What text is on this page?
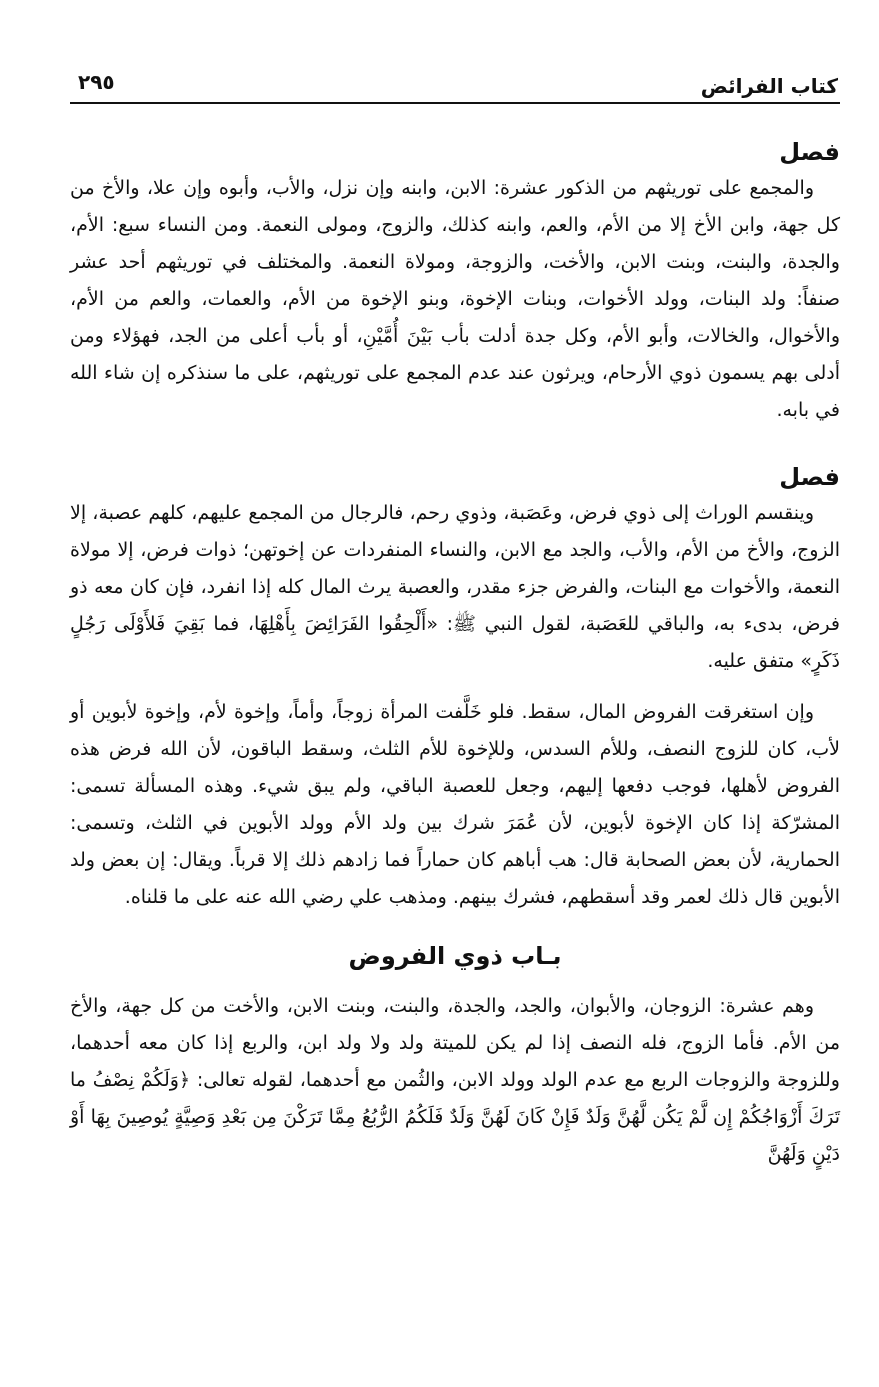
كتاب الفرائض
٢٩٥
فصل

والمجمع على توريثهم من الذكور عشرة: الابن، وابنه وإن نزل، والأب، وأبوه وإن علا، والأخ من كل جهة، وابن الأخ إلا من الأم، والعم، وابنه كذلك، والزوج، ومولى النعمة. ومن النساء سبع: الأم، والجدة، والبنت، وبنت الابن، والأخت، والزوجة، ومولاة النعمة. والمختلف في توريثهم أحد عشر صنفاً: ولد البنات، وولد الأخوات، وبنات الإخوة، وبنو الإخوة من الأم، والعمات، والعم من الأم، والأخوال، والخالات، وأبو الأم، وكل جدة أدلت بأب بَيْنَ أُمَّيْنِ، أو بأب أعلى من الجد، فهؤلاء ومن أدلى بهم يسمون ذوي الأرحام، ويرثون عند عدم المجمع على توريثهم، على ما سنذكره إن شاء الله في بابه.

فصل

وينقسم الوراث إلى ذوي فرض، وعَصَبة، وذوي رحم، فالرجال من المجمع عليهم، كلهم عصبة، إلا الزوج، والأخ من الأم، والأب، والجد مع الابن، والنساء المنفردات عن إخوتهن؛ ذوات فرض، إلا مولاة النعمة، والأخوات مع البنات، والفرض جزء مقدر، والعصبة يرث المال كله إذا انفرد، فإن كان معه ذو فرض، بدىء به، والباقي للعَصَبة، لقول النبي ﷺ: «أَلْحِقُوا الفَرَائِضَ بِأَهْلِهَا، فما بَقِيَ فَلأَوْلَى رَجُلٍ ذَكَرٍ» متفق عليه.

وإن استغرقت الفروض المال، سقط. فلو خَلَّفت المرأة زوجاً، وأماً، وإخوة لأم، وإخوة لأبوين أو لأب، كان للزوج النصف، وللأم السدس، وللإخوة للأم الثلث، وسقط الباقون، لأن الله فرض هذه الفروض لأهلها، فوجب دفعها إليهم، وجعل للعصبة الباقي، ولم يبق شيء. وهذه المسألة تسمى: المشرّكة إذا كان الإخوة لأبوين، لأن عُمَرَ شرك بين ولد الأم وولد الأبوين في الثلث، وتسمى: الحمارية، لأن بعض الصحابة قال: هب أباهم كان حماراً فما زادهم ذلك إلا قرباً. ويقال: إن بعض ولد الأبوين قال ذلك لعمر وقد أسقطهم، فشرك بينهم. ومذهب علي رضي الله عنه على ما قلناه.

بـاب ذوي الفروض

وهم عشرة: الزوجان، والأبوان، والجد، والجدة، والبنت، وبنت الابن، والأخت من كل جهة، والأخ من الأم. فأما الزوج، فله النصف إذا لم يكن للميتة ولد ولا ولد ابن، والربع إذا كان معه أحدهما، وللزوجة والزوجات الربع مع عدم الولد وولد الابن، والثُمن مع أحدهما، لقوله تعالى: ﴿وَلَكُمْ نِصْفُ ما تَرَكَ أَزْوَاجُكُمْ إِن لَّمْ يَكُن لَّهُنَّ وَلَدٌ فَإِنْ كَانَ لَهُنَّ وَلَدٌ فَلَكُمُ الرُّبُعُ مِمَّا تَرَكْنَ مِن بَعْدِ وَصِيَّةٍ يُوصِينَ بِهَا أَوْ دَيْنٍ وَلَهُنَّ
